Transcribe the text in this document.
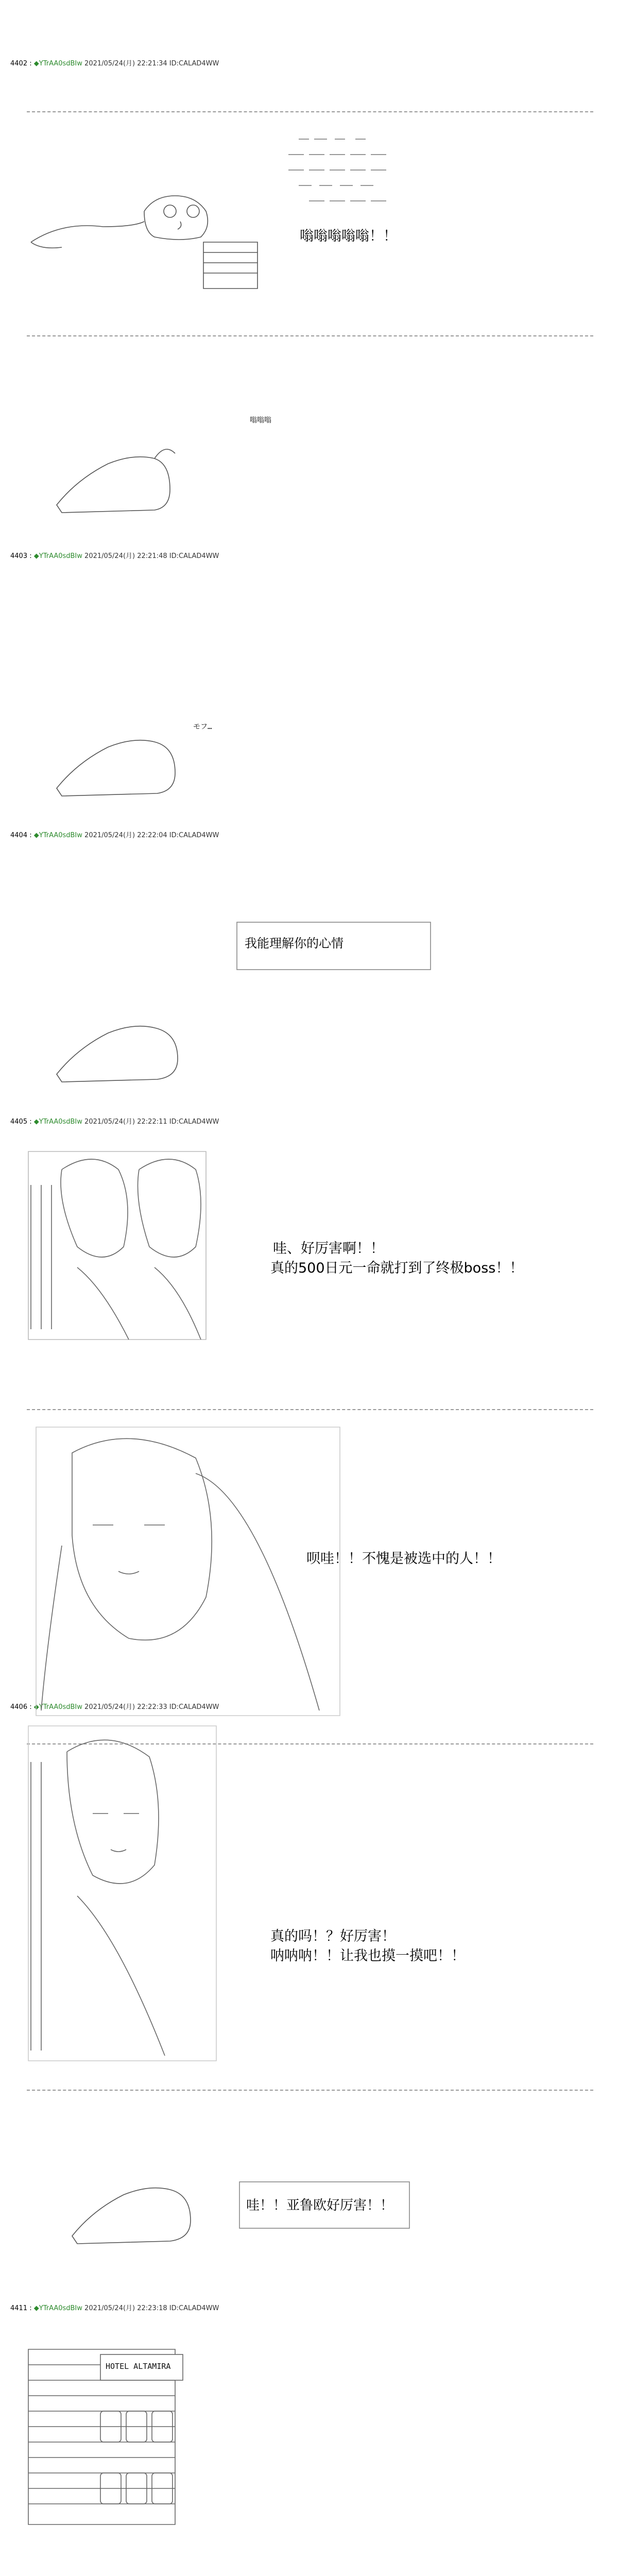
4402 : ◆YTrAA0sdBIw 2021/05/24(月) 22:21:34 ID:CALAD4WW
4403 : ◆YTrAA0sdBIw 2021/05/24(月) 22:21:48 ID:CALAD4WW
4404 : ◆YTrAA0sdBIw 2021/05/24(月) 22:22:04 ID:CALAD4WW
4405 : ◆YTrAA0sdBIw 2021/05/24(月) 22:22:11 ID:CALAD4WW
4406 : ◆YTrAA0sdBIw 2021/05/24(月) 22:22:33 ID:CALAD4WW
4411 : ◆YTrAA0sdBIw 2021/05/24(月) 22:23:18 ID:CALAD4WW
HOTEL ALTAMIRA
嗡嗡嗡嗡嗡！！
嗡嗡嗡
モフ…
我能理解你的心情
哇、好厉害啊！！
真的500日元一命就打到了终极boss！！
呗哇！！不愧是被选中的人！！
真的吗！？好厉害！
呐呐呐！！让我也摸一摸吧！！
哇！！亚鲁欧好厉害！！
